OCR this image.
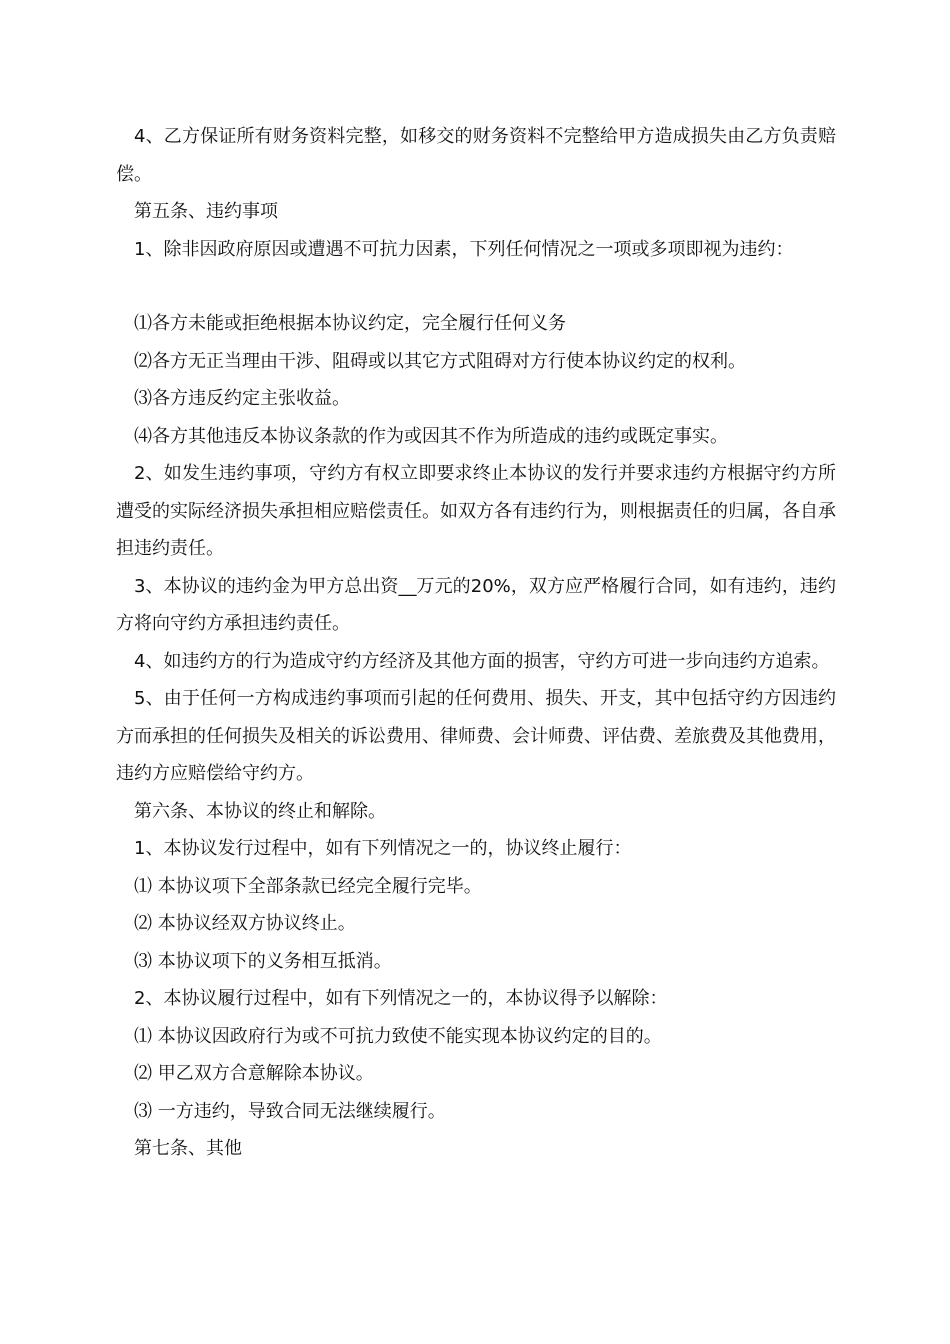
4、乙方保证所有财务资料完整，如移交的财务资料不完整给甲方造成损失由乙方负责赔偿。

第五条、违约事项

1、除非因政府原因或遭遇不可抗力因素，下列任何情况之一项或多项即视为违约：

⑴各方未能或拒绝根据本协议约定，完全履行任何义务

⑵各方无正当理由干涉、阻碍或以其它方式阻碍对方行使本协议约定的权利。

⑶各方违反约定主张收益。

⑷各方其他违反本协议条款的作为或因其不作为所造成的违约或既定事实。

2、如发生违约事项，守约方有权立即要求终止本协议的发行并要求违约方根据守约方所遭受的实际经济损失承担相应赔偿责任。如双方各有违约行为，则根据责任的归属，各自承担违约责任。

3、本协议的违约金为甲方总出资__万元的20%，双方应严格履行合同，如有违约，违约方将向守约方承担违约责任。

4、如违约方的行为造成守约方经济及其他方面的损害，守约方可进一步向违约方追索。

5、由于任何一方构成违约事项而引起的任何费用、损失、开支，其中包括守约方因违约方而承担的任何损失及相关的诉讼费用、律师费、会计师费、评估费、差旅费及其他费用，违约方应赔偿给守约方。

第六条、本协议的终止和解除。

1、本协议发行过程中，如有下列情况之一的，协议终止履行：

⑴ 本协议项下全部条款已经完全履行完毕。

⑵ 本协议经双方协议终止。

⑶ 本协议项下的义务相互抵消。

2、本协议履行过程中，如有下列情况之一的，本协议得予以解除：

⑴ 本协议因政府行为或不可抗力致使不能实现本协议约定的目的。

⑵ 甲乙双方合意解除本协议。

⑶ 一方违约，导致合同无法继续履行。

第七条、其他
